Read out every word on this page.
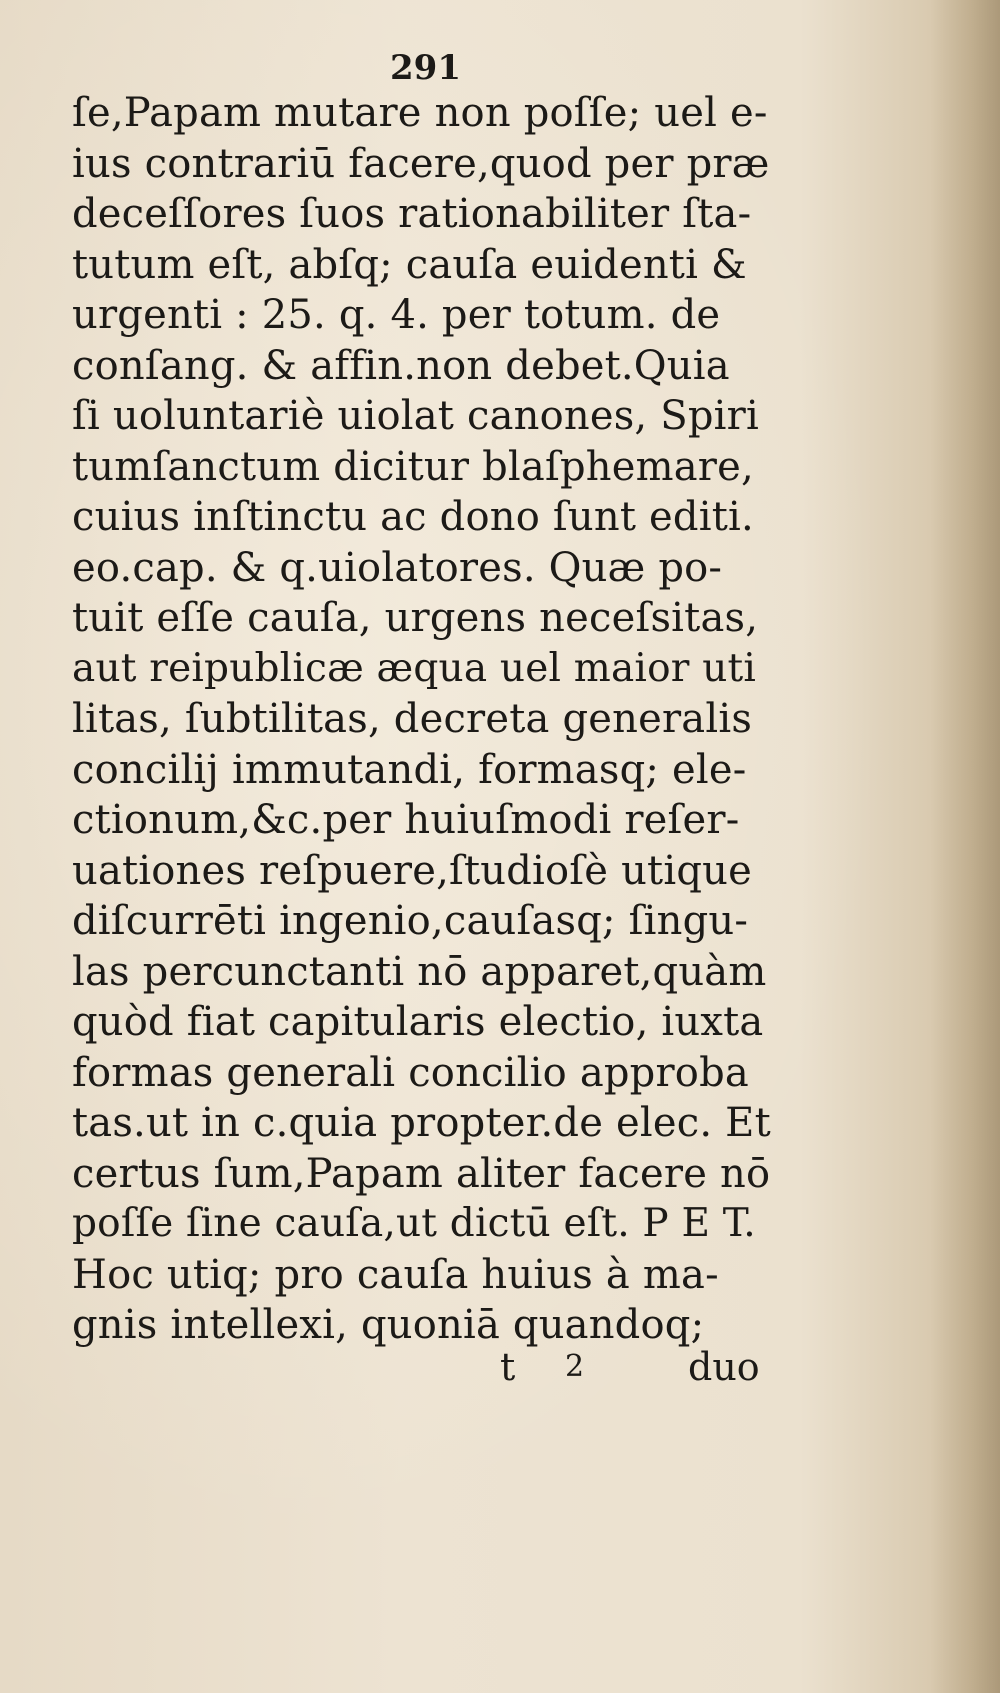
291
ſe,Papam mutare non poſſe; uel e-
ius contrariū facere,quod per præ
deceſſores ſuos rationabiliter ſta-
tutum eſt, abſq; cauſa euidenti &
urgenti : 25. q. 4. per totum. de
conſang. & affin.non debet.Quia
ſi uoluntariè uiolat canones, Spiri
tumſanctum dicitur blaſphemare,
cuius inſtinctu ac dono ſunt editi.
eo.cap. & q.uiolatores. Quæ po-
tuit eſſe cauſa, urgens neceſsitas,
aut reipublicæ æqua uel maior uti
litas, ſubtilitas, decreta generalis
concilij immutandi, formasq; ele-
ctionum,&c.per huiuſmodi reſer-
uationes reſpuere,ſtudioſè utique
diſcurrēti ingenio,cauſasq; ſingu-
las percunctanti nō apparet,quàm
quòd fiat capitularis electio, iuxta
formas generali concilio approba
tas.ut in c.quia propter.de elec. Et
certus ſum,Papam aliter facere nō
poſſe ſine cauſa,ut dictū eſt. P E T.
Hoc utiq; pro cauſa huius à ma-
gnis intellexi, quoniā quandoq;
t 2	duo
